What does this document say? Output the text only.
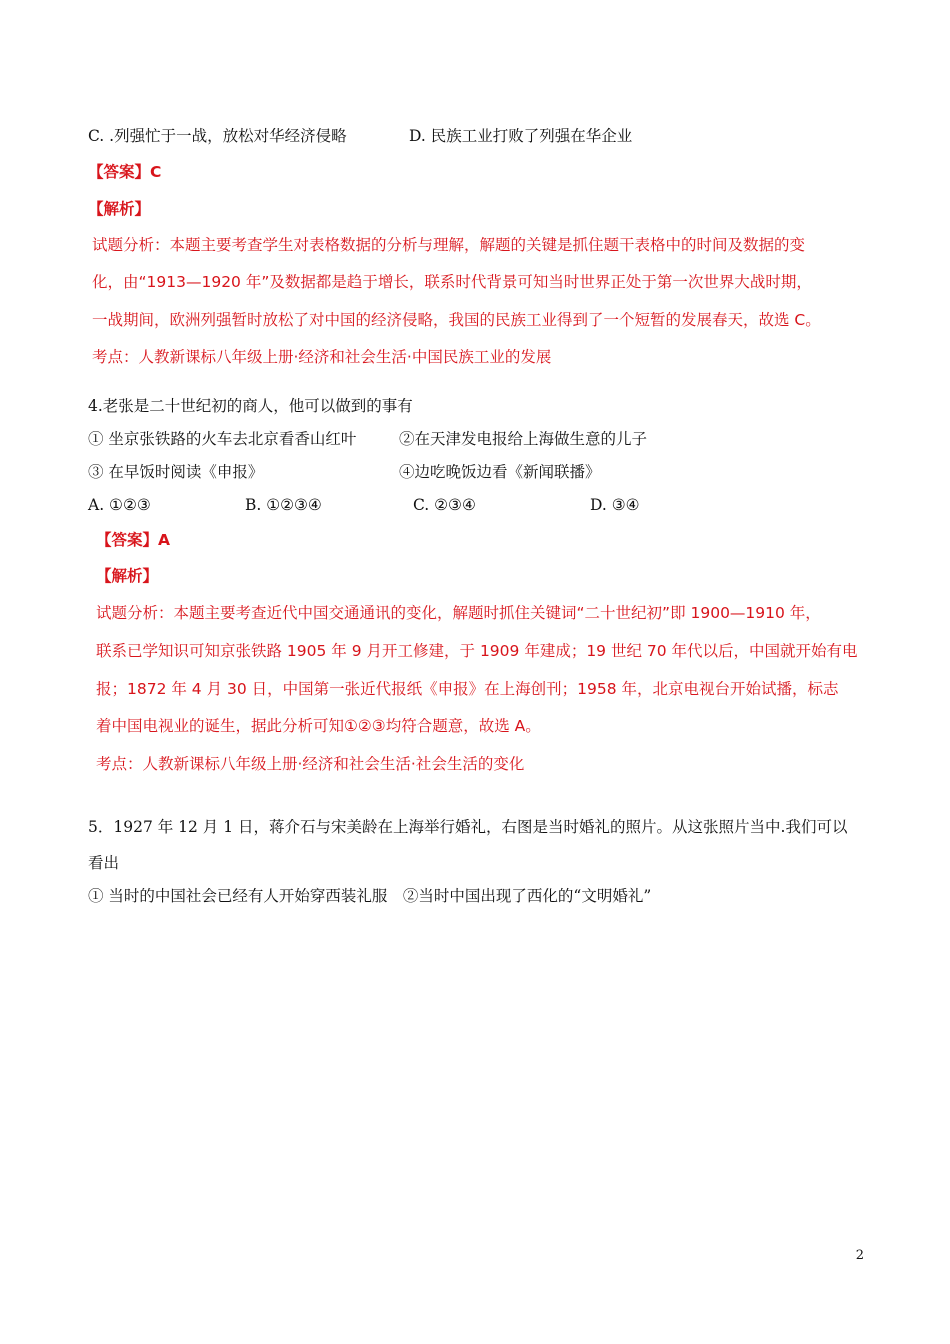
C. .列强忙于一战，放松对华经济侵略	D. 民族工业打败了列强在华企业
【答案】C
【解析】
试题分析：本题主要考查学生对表格数据的分析与理解，解题的关键是抓住题干表格中的时间及数据的变
化，由“1913—1920 年”及数据都是趋于增长，联系时代背景可知当时世界正处于第一次世界大战时期，
一战期间，欧洲列强暂时放松了对中国的经济侵略，我国的民族工业得到了一个短暂的发展春天，故选 C。
考点：人教新课标八年级上册·经济和社会生活·中国民族工业的发展
4.老张是二十世纪初的商人，他可以做到的事有
① 坐京张铁路的火车去北京看香山红叶	②在天津发电报给上海做生意的儿子
③ 在早饭时阅读《申报》	④边吃晚饭边看《新闻联播》
A. ①②③	B. ①②③④	C. ②③④	D. ③④
【答案】A
【解析】
试题分析：本题主要考查近代中国交通通讯的变化，解题时抓住关键词“二十世纪初”即 1900—1910 年，
联系已学知识可知京张铁路 1905 年 9 月开工修建，于 1909 年建成；19 世纪 70 年代以后，中国就开始有电
报；1872 年 4 月 30 日，中国第一张近代报纸《申报》在上海创刊；1958 年，北京电视台开始试播，标志
着中国电视业的诞生，据此分析可知①②③均符合题意，故选 A。
考点：人教新课标八年级上册·经济和社会生活·社会生活的变化
5．1927 年 12 月 1 日，蒋介石与宋美龄在上海举行婚礼，右图是当时婚礼的照片。从这张照片当中.我们可以
看出
① 当时的中国社会已经有人开始穿西装礼服　②当时中国出现了西化的“文明婚礼”
2
